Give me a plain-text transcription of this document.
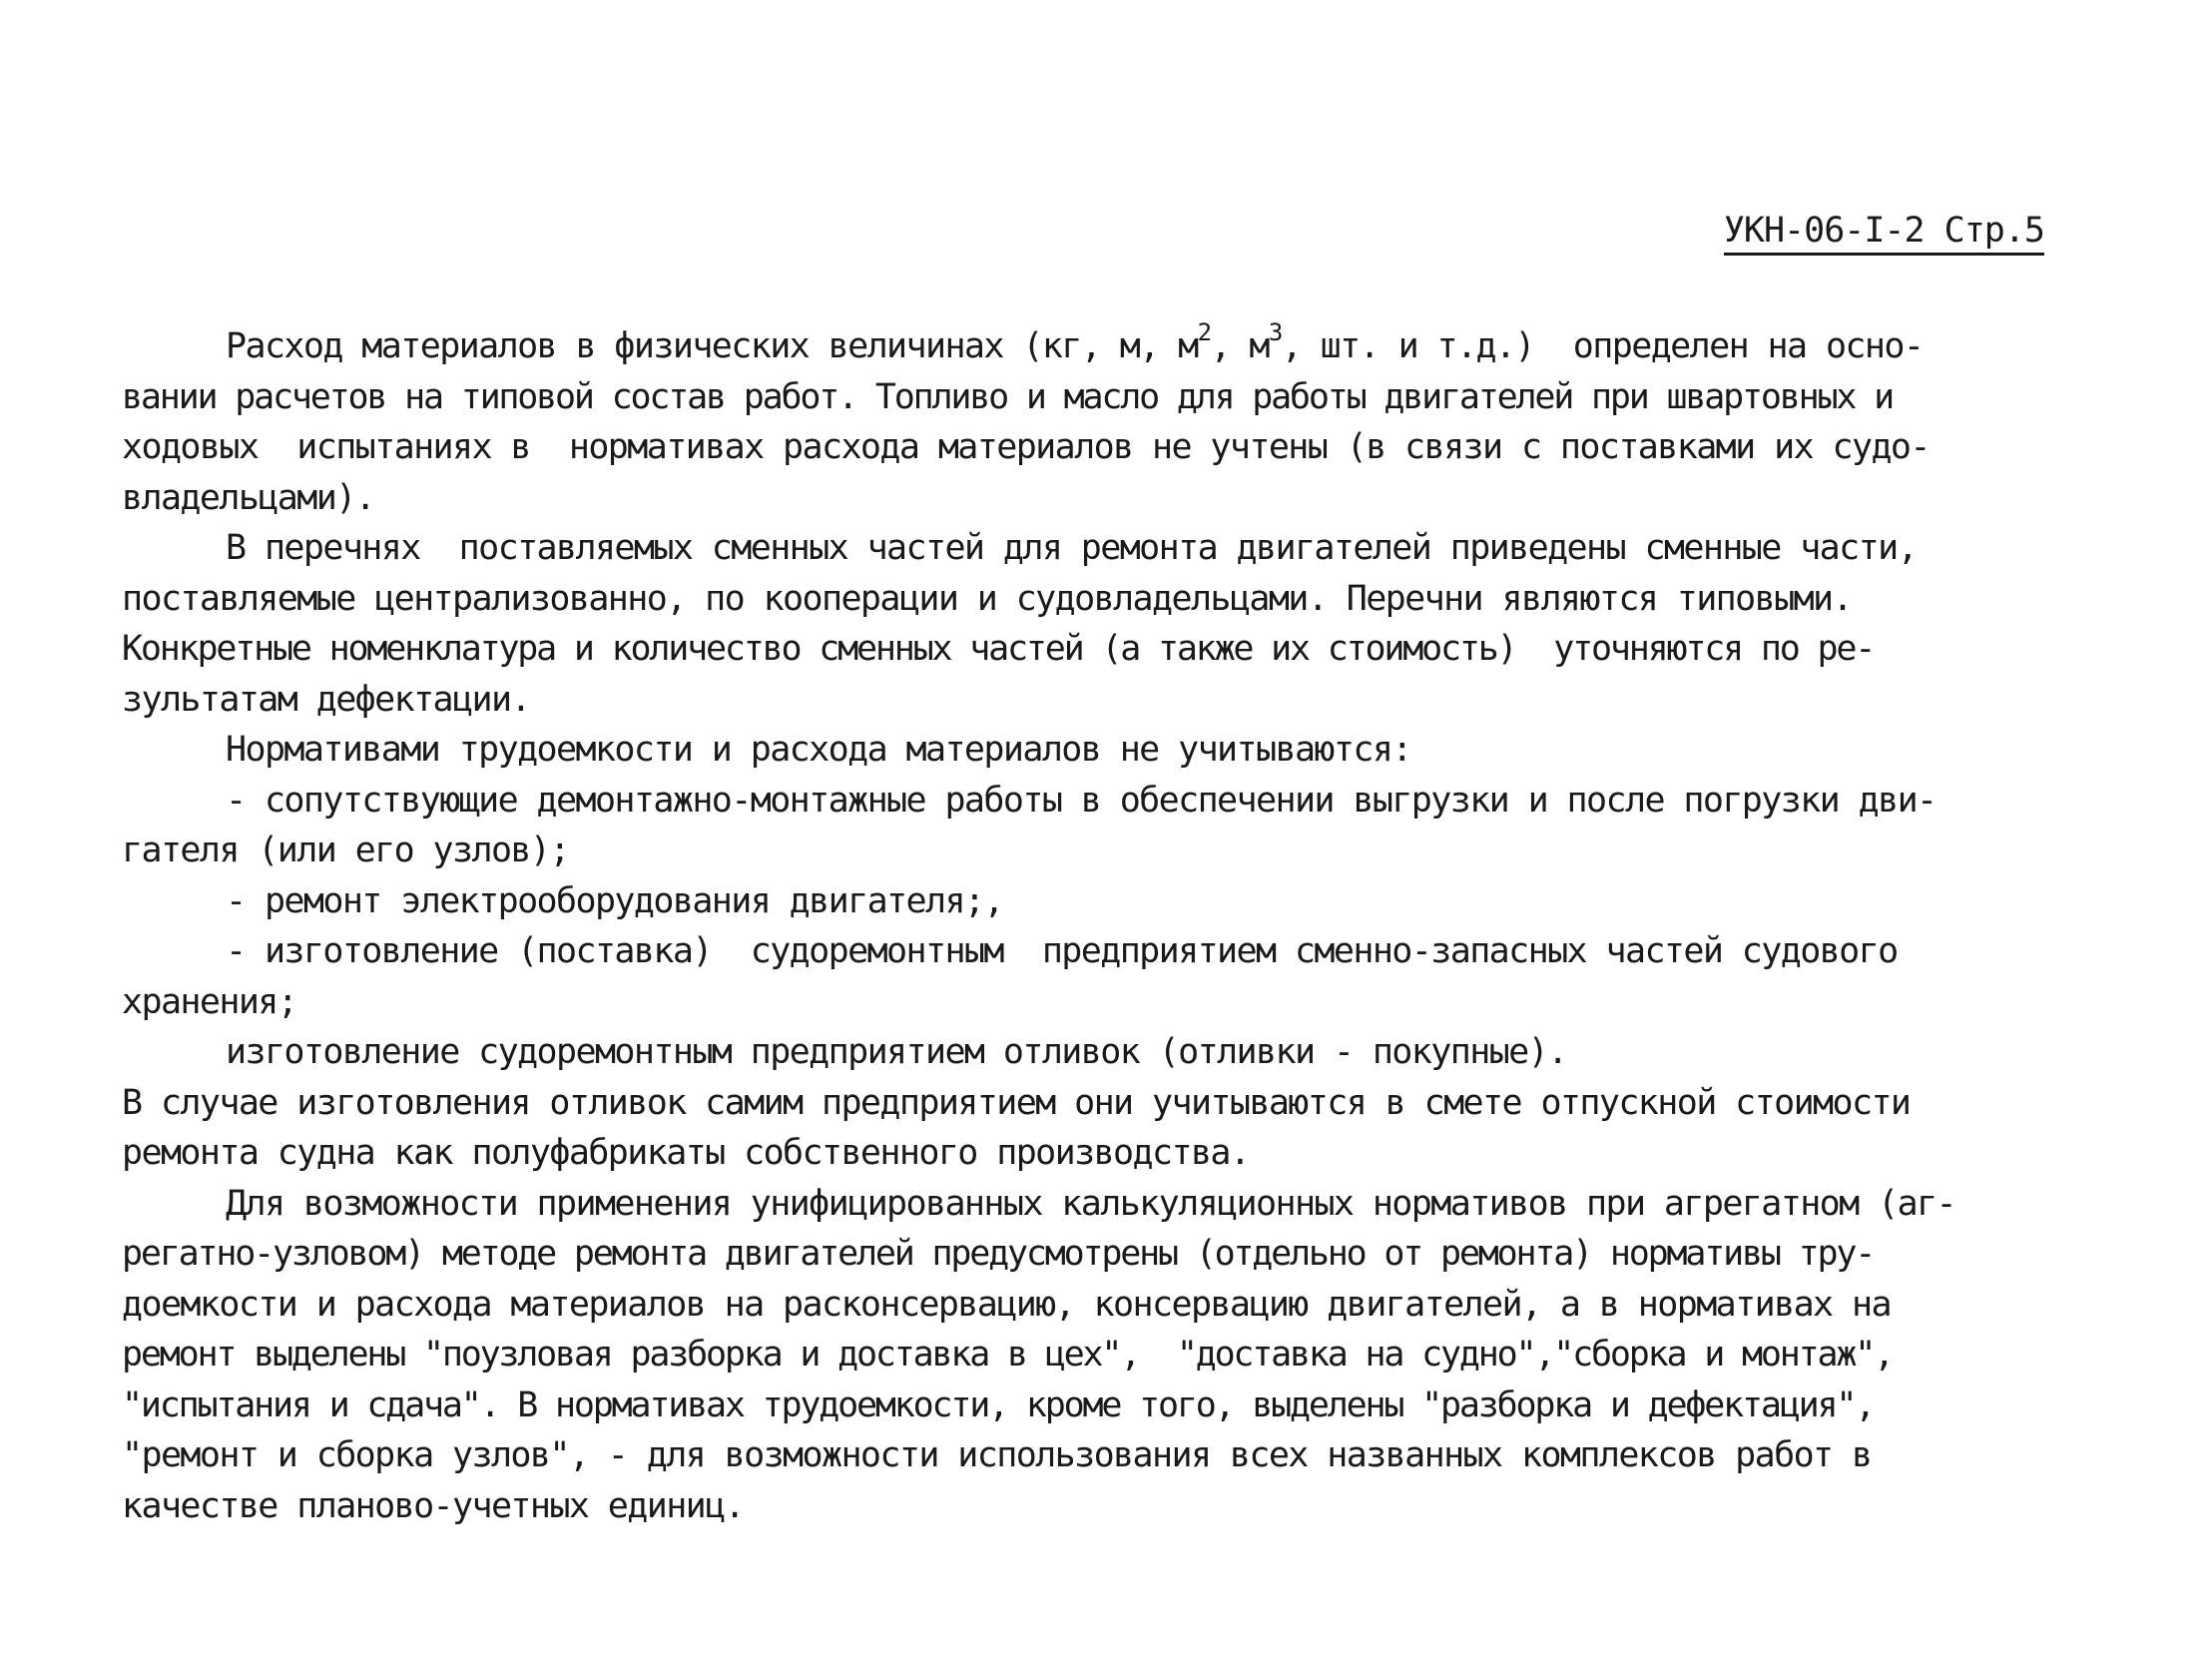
УКН-06-I-2 Стр.5
Расход материалов в физических величинах (кг, м, $м^2$, $м^3$, шт. и т.д.)  определен на осно-
вании расчетов на типовой состав работ. Топливо и масло для работы двигателей при швартовных и
ходовых  испытаниях в  нормативах расхода материалов не учтены (в связи с поставками их судо-
владельцами).
В перечнях  поставляемых сменных частей для ремонта двигателей приведены сменные части,
поставляемые централизованно, по кооперации и судовладельцами. Перечни являются типовыми.
Конкретные номенклатура и количество сменных частей (а также их стоимость)  уточняются по ре-
зультатам дефектации.
Нормативами трудоемкости и расхода материалов не учитываются:
- сопутствующие демонтажно-монтажные работы в обеспечении выгрузки и после погрузки дви-
гателя (или его узлов);
- ремонт электрооборудования двигателя;,
- изготовление (поставка)  судоремонтным  предприятием сменно-запасных частей судового
хранения;
изготовление судоремонтным предприятием отливок (отливки - покупные).
В случае изготовления отливок самим предприятием они учитываются в смете отпускной стоимости
ремонта судна как полуфабрикаты собственного производства.
Для возможности применения унифицированных калькуляционных нормативов при агрегатном (аг-
регатно-узловом) методе ремонта двигателей предусмотрены (отдельно от ремонта) нормативы тру-
доемкости и расхода материалов на расконсервацию, консервацию двигателей, а в нормативах на
ремонт выделены "поузловая разборка и доставка в цех",  "доставка на судно","сборка и монтаж",
"испытания и сдача". В нормативах трудоемкости, кроме того, выделены "разборка и дефектация",
"ремонт и сборка узлов", - для возможности использования всех названных комплексов работ в
качестве планово-учетных единиц.
